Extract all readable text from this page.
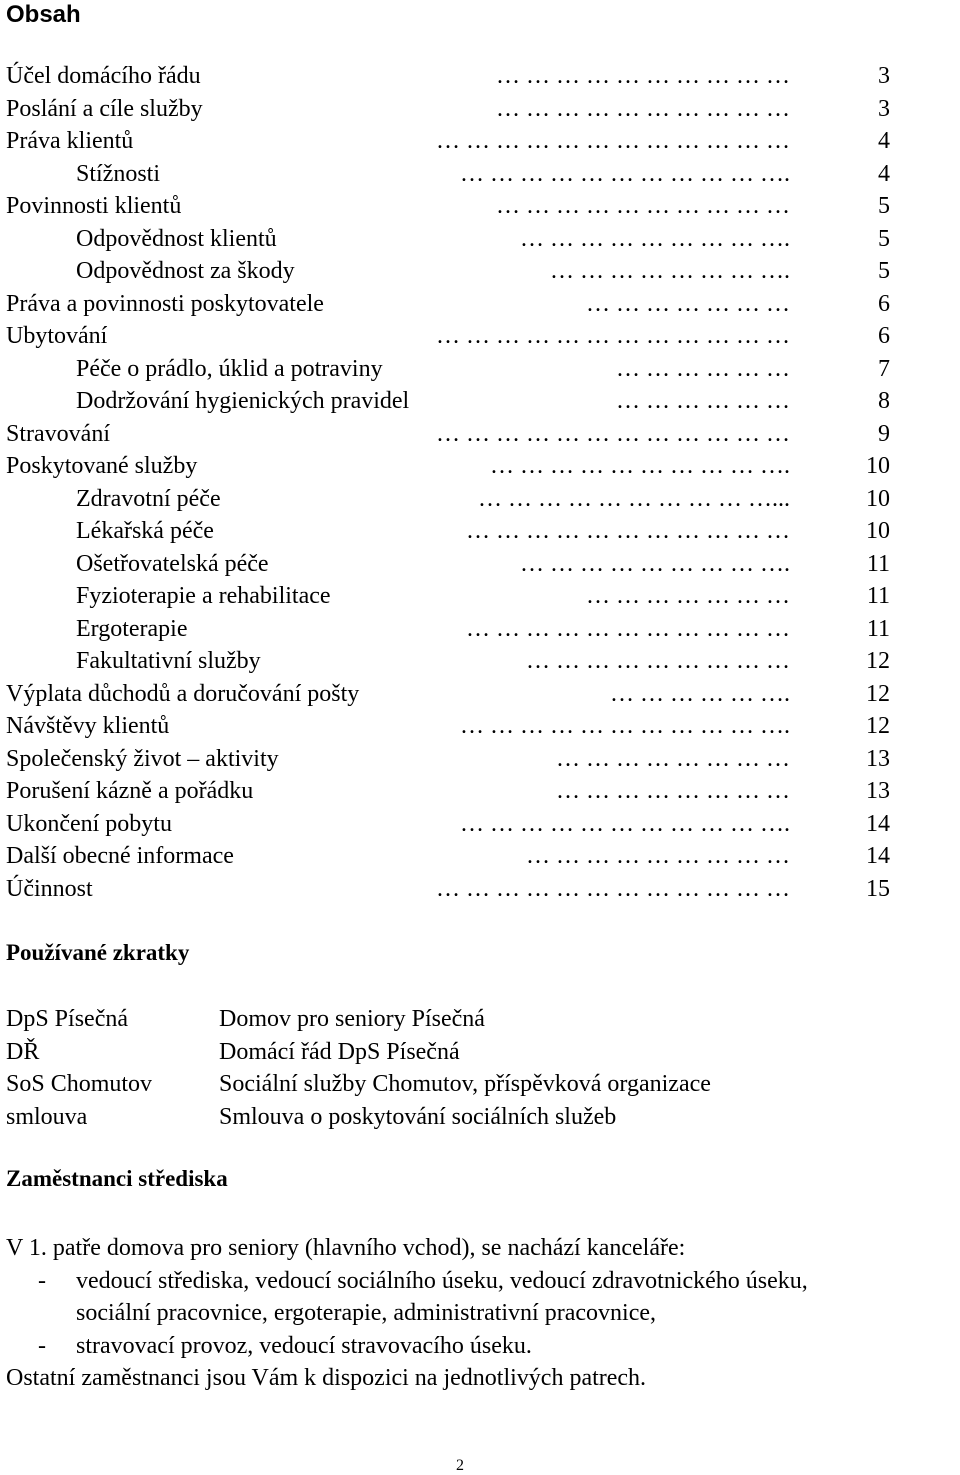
Obsah
Účel domácího řádu	… … … … … … … … … …	3
Poslání a cíle služby	… … … … … … … … … …	3
Práva klientů	… … … … … … … … … … … …	4
Stížnosti	… … … … … … … … … … ….	4
Povinnosti klientů	… … … … … … … … … …	5
Odpovědnost klientů	… … … … … … … … ….	5
Odpovědnost za škody	… … … … … … … ….	5
Práva a povinnosti poskytovatele	… … … … … … …	6
Ubytování	… … … … … … … … … … … …	6
Péče o prádlo, úklid a potraviny	… … … … … …	7
Dodržování hygienických pravidel	… … … … … …	8
Stravování	… … … … … … … … … … … …	9
Poskytované služby	… … … … … … … … … ….	10
Zdravotní péče	… … … … … … … … … …...	10
Lékařská péče	… … … … … … … … … … …	10
Ošetřovatelská péče	… … … … … … … … ….	11
Fyzioterapie a rehabilitace	… … … … … … …	11
Ergoterapie	… … … … … … … … … … …	11
Fakultativní služby	… … … … … … … … …	12
Výplata důchodů a doručování pošty	… … … … … ….	12
Návštěvy klientů	… … … … … … … … … … ….	12
Společenský život – aktivity	… … … … … … … …	13
Porušení kázně a pořádku	… … … … … … … …	13
Ukončení pobytu	… … … … … … … … … … ….	14
Další obecné informace	… … … … … … … … …	14
Účinnost	… … … … … … … … … … … …	15
Používané zkratky
DpS Písečná	Domov pro seniory Písečná
DŘ	Domácí řád DpS Písečná
SoS Chomutov	Sociální služby Chomutov, příspěvková organizace
smlouva	Smlouva o poskytování sociálních služeb
Zaměstnanci střediska
V 1. patře domova pro seniory (hlavního vchod), se nachází kanceláře:
- vedoucí střediska, vedoucí sociálního úseku, vedoucí zdravotnického úseku,
sociální pracovnice, ergoterapie, administrativní pracovnice,
- stravovací provoz, vedoucí stravovacího úseku.
Ostatní zaměstnanci jsou Vám k dispozici na jednotlivých patrech.
2
